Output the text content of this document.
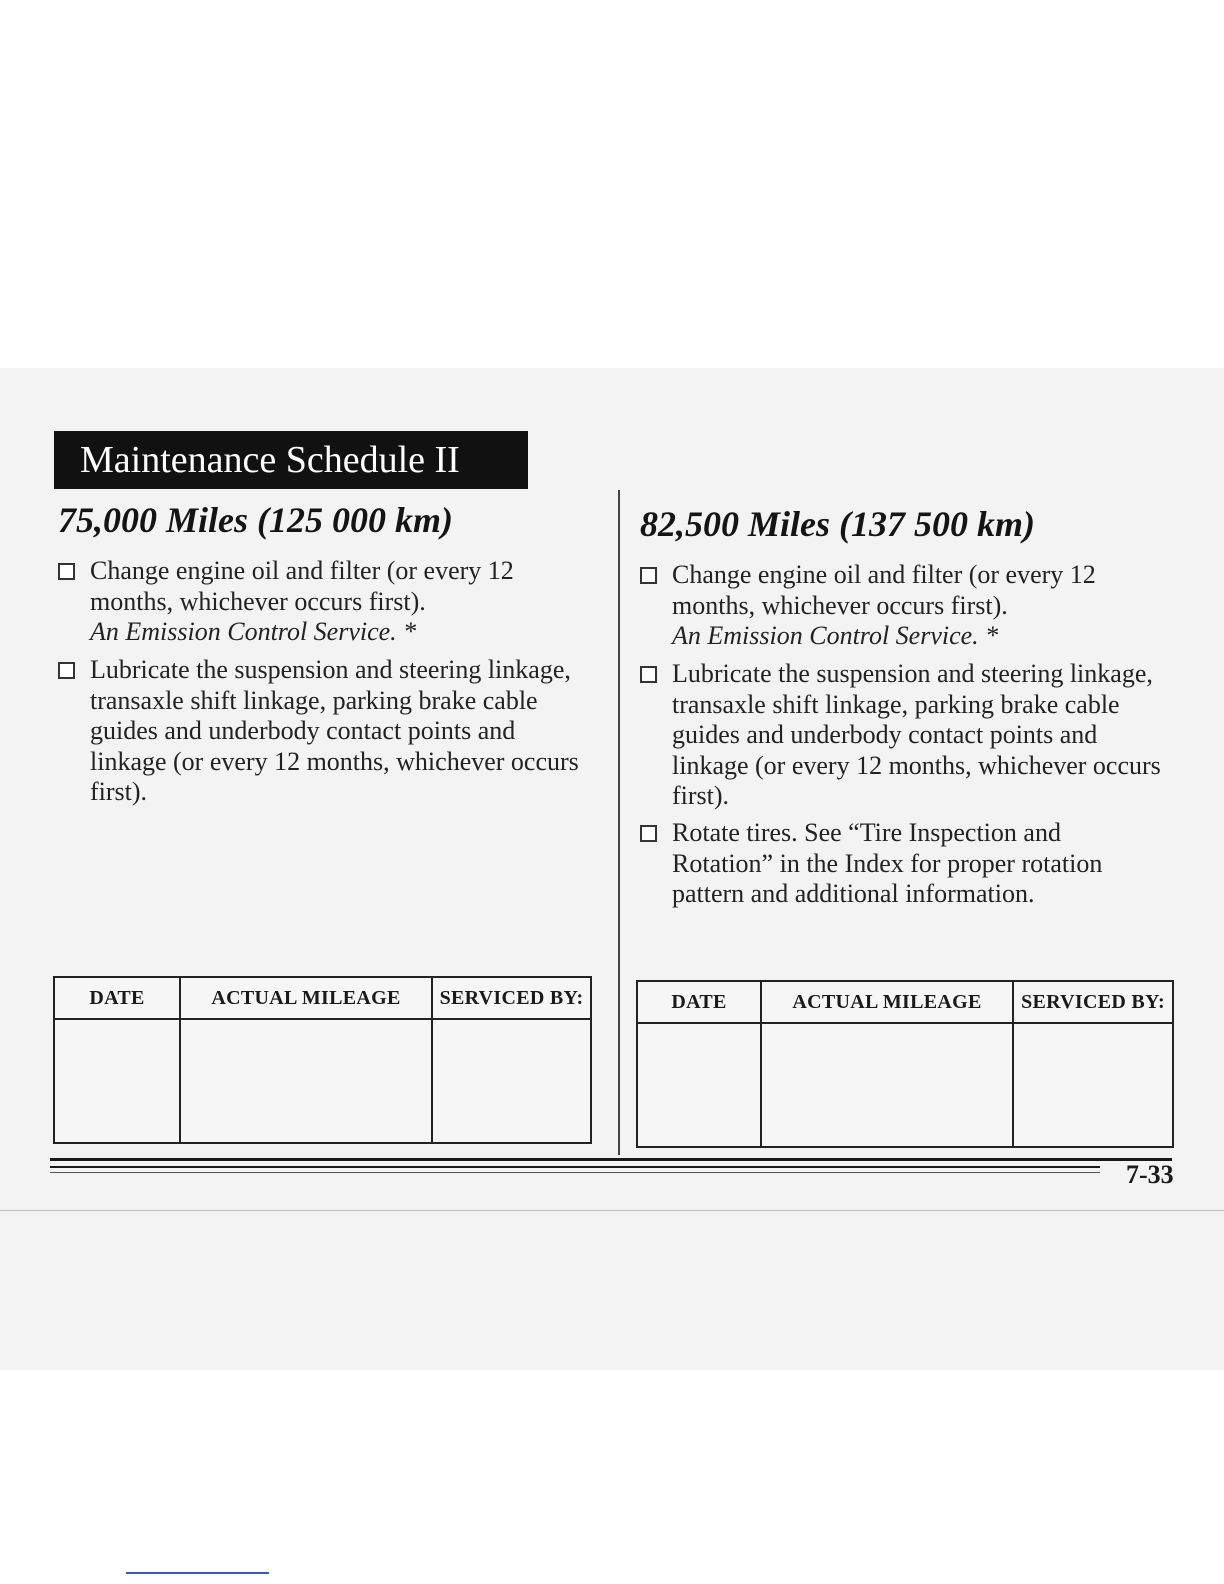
Maintenance Schedule II
75,000 Miles (125 000 km)
Change engine oil and filter (or every 12 months, whichever occurs first).
An Emission Control Service. *
Lubricate the suspension and steering linkage, transaxle shift linkage, parking brake cable guides and underbody contact points and linkage (or every 12 months, whichever occurs first).
DATE	ACTUAL MILEAGE	SERVICED BY:

82,500 Miles (137 500 km)
Change engine oil and filter (or every 12 months, whichever occurs first).
An Emission Control Service. *
Lubricate the suspension and steering linkage, transaxle shift linkage, parking brake cable guides and underbody contact points and linkage (or every 12 months, whichever occurs first).
Rotate tires. See “Tire Inspection and Rotation” in the Index for proper rotation pattern and additional information.
DATE	ACTUAL MILEAGE	SERVICED BY:

7-33
